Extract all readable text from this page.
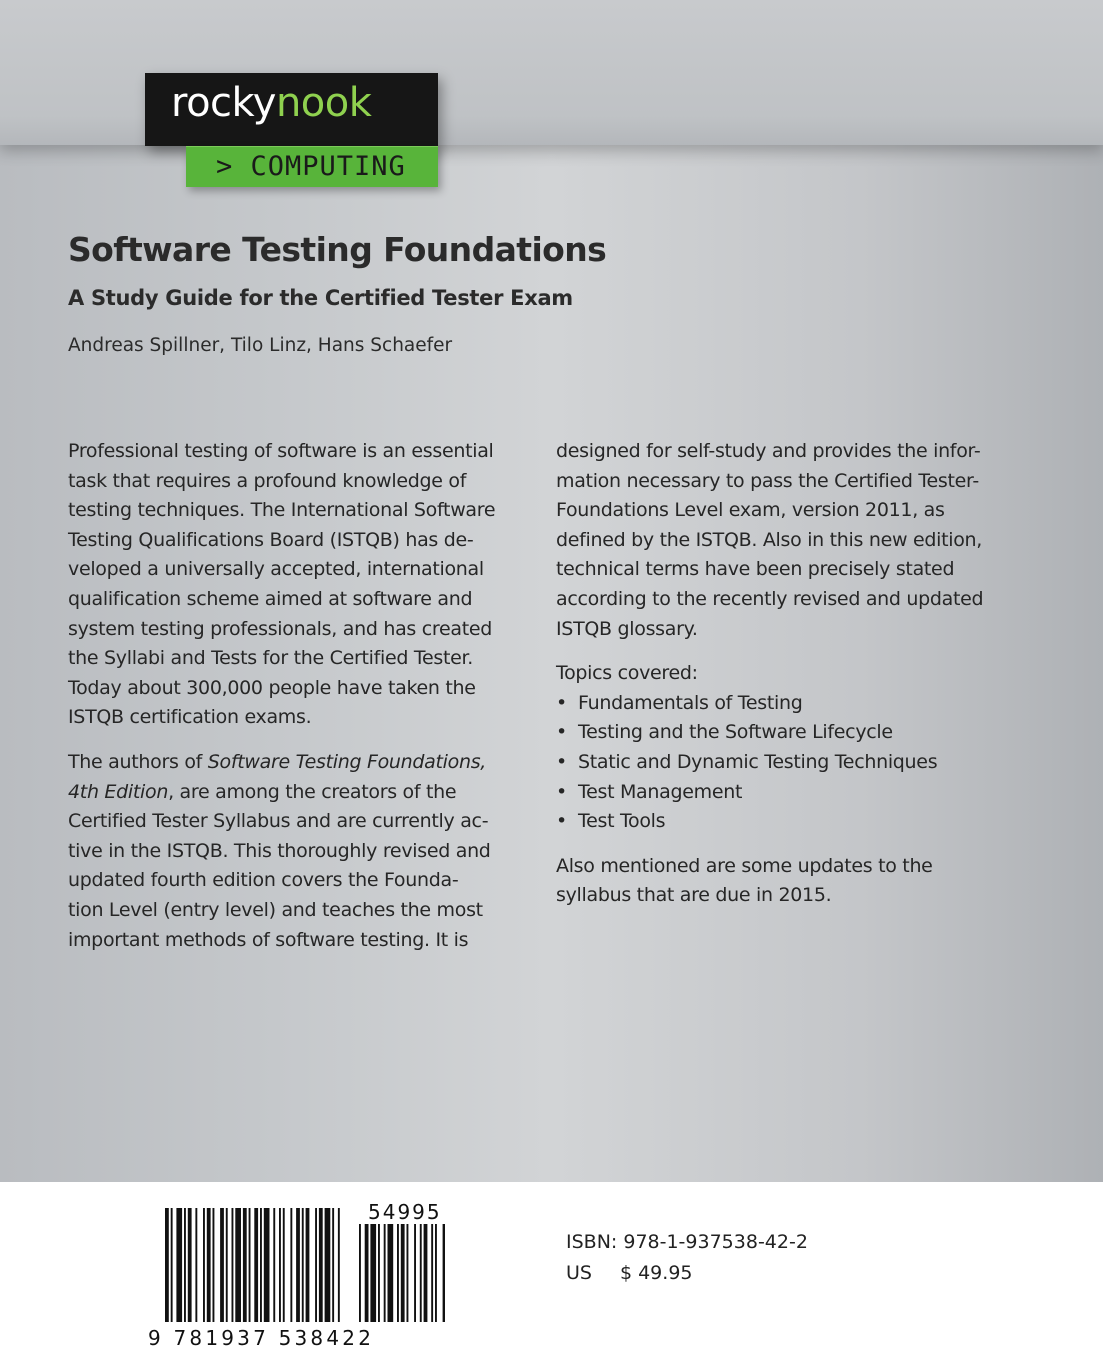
rockynook
> COMPUTING
Software Testing Foundations
A Study Guide for the Certified Tester Exam
Andreas Spillner, Tilo Linz, Hans Schaefer
Professional testing of software is an essential
task that requires a profound knowledge of
testing techniques. The International Software
Testing Qualifications Board (ISTQB) has de-
veloped a universally accepted, international
qualification scheme aimed at software and
system testing professionals, and has created
the Syllabi and Tests for the Certified Tester.
Today about 300,000 people have taken the
ISTQB certification exams.
The authors of Software Testing Foundations,
4th Edition, are among the creators of the
Certified Tester Syllabus and are currently ac-
tive in the ISTQB. This thoroughly revised and
updated fourth edition covers the Founda-
tion Level (entry level) and teaches the most
important methods of software testing. It is
designed for self-study and provides the infor-
mation necessary to pass the Certified Tester-
Foundations Level exam, version 2011, as
defined by the ISTQB. Also in this new edition,
technical terms have been precisely stated
according to the recently revised and updated
ISTQB glossary.
Topics covered:
• Fundamentals of Testing
• Testing and the Software Lifecycle
• Static and Dynamic Testing Techniques
• Test Management
• Test Tools
Also mentioned are some updates to the
syllabus that are due in 2015.
54995
9 781937 538422
ISBN: 978-1-937538-42-2
US $ 49.95
